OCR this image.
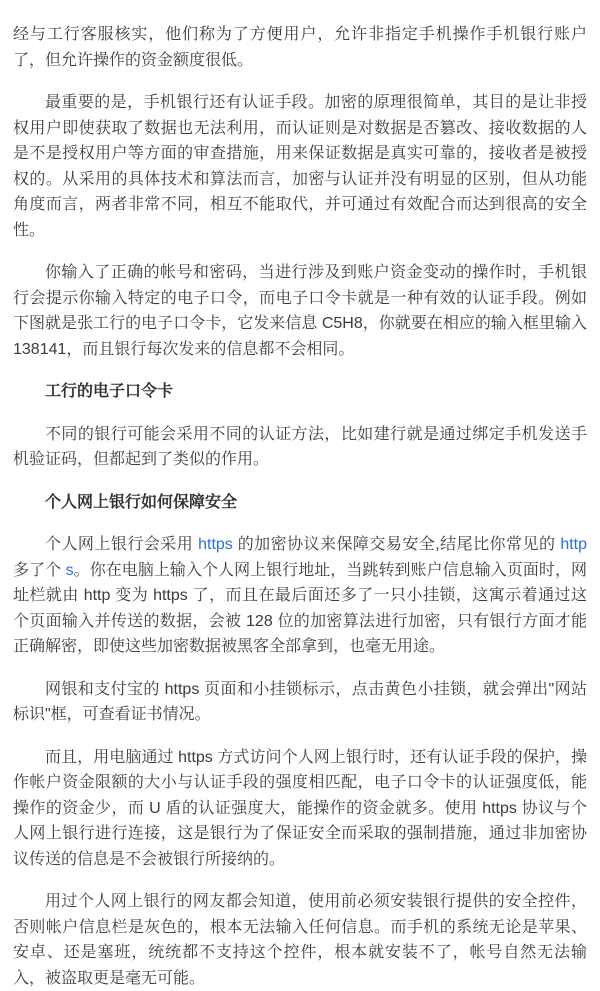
经与工行客服核实，他们称为了方便用户，允许非指定手机操作手机银行账户了，但允许操作的资金额度很低。

最重要的是，手机银行还有认证手段。加密的原理很简单，其目的是让非授权用户即使获取了数据也无法利用，而认证则是对数据是否篡改、接收数据的人是不是授权用户等方面的审查措施，用来保证数据是真实可靠的，接收者是被授权的。从采用的具体技术和算法而言，加密与认证并没有明显的区别，但从功能角度而言，两者非常不同，相互不能取代，并可通过有效配合而达到很高的安全性。

你输入了正确的帐号和密码，当进行涉及到账户资金变动的操作时，手机银行会提示你输入特定的电子口令，而电子口令卡就是一种有效的认证手段。例如下图就是张工行的电子口令卡，它发来信息 C5H8，你就要在相应的输入框里输入 138141，而且银行每次发来的信息都不会相同。

工行的电子口令卡

不同的银行可能会采用不同的认证方法，比如建行就是通过绑定手机发送手机验证码，但都起到了类似的作用。

个人网上银行如何保障安全

个人网上银行会采用 https 的加密协议来保障交易安全,结尾比你常见的 http 多了个 s。你在电脑上输入个人网上银行地址，当跳转到账户信息输入页面时，网址栏就由 http 变为 https 了，而且在最后面还多了一只小挂锁，这寓示着通过这个页面输入并传送的数据，会被 128 位的加密算法进行加密，只有银行方面才能正确解密，即使这些加密数据被黑客全部拿到，也毫无用途。

网银和支付宝的 https 页面和小挂锁标示，点击黄色小挂锁，就会弹出"网站标识"框，可查看证书情况。

而且，用电脑通过 https 方式访问个人网上银行时，还有认证手段的保护，操作帐户资金限额的大小与认证手段的强度相匹配，电子口令卡的认证强度低，能操作的资金少，而 U 盾的认证强度大，能操作的资金就多。使用 https 协议与个人网上银行进行连接，这是银行为了保证安全而采取的强制措施，通过非加密协议传送的信息是不会被银行所接纳的。

用过个人网上银行的网友都会知道，使用前必须安装银行提供的安全控件，否则帐户信息栏是灰色的，根本无法输入任何信息。而手机的系统无论是苹果、安卓、还是塞班，统统都不支持这个控件，根本就安装不了，帐号自然无法输入，被盗取更是毫无可能。
